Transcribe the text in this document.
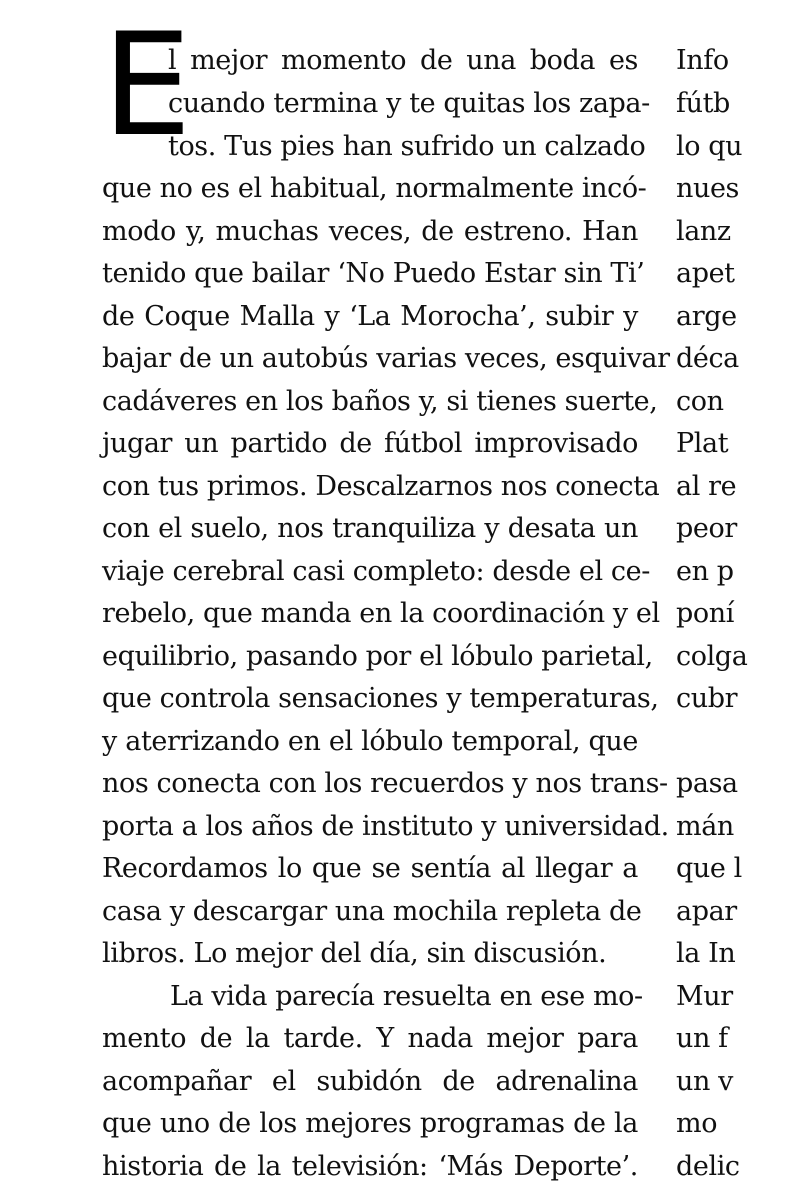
E
l mejor momento de una boda es
cuando termina y te quitas los zapa-
tos. Tus pies han sufrido un calzado
que no es el habitual, normalmente incó-
modo y, muchas veces, de estreno. Han
tenido que bailar ‘No Puedo Estar sin Ti’
de Coque Malla y ‘La Morocha’, subir y
bajar de un autobús varias veces, esquivar
cadáveres en los baños y, si tienes suerte,
jugar un partido de fútbol improvisado
con tus primos. Descalzarnos nos conecta
con el suelo, nos tranquiliza y desata un
viaje cerebral casi completo: desde el ce-
rebelo, que manda en la coordinación y el
equilibrio, pasando por el lóbulo parietal,
que controla sensaciones y temperaturas,
y aterrizando en el lóbulo temporal, que
nos conecta con los recuerdos y nos trans-
porta a los años de instituto y universidad.
Recordamos lo que se sentía al llegar a
casa y descargar una mochila repleta de
libros. Lo mejor del día, sin discusión.
La vida parecía resuelta en ese mo-
mento de la tarde. Y nada mejor para
acompañar el subidón de adrenalina
que uno de los mejores programas de la
historia de la televisión: ‘Más Deporte’.
Info
fútb
lo qu
nues
lanz
apet
arge
déca
con
Plat
al re
peor
en p
poní
colga
cubr
pasa
mán
que l
apar
la In
Mur
un f
un v
mo
delic
